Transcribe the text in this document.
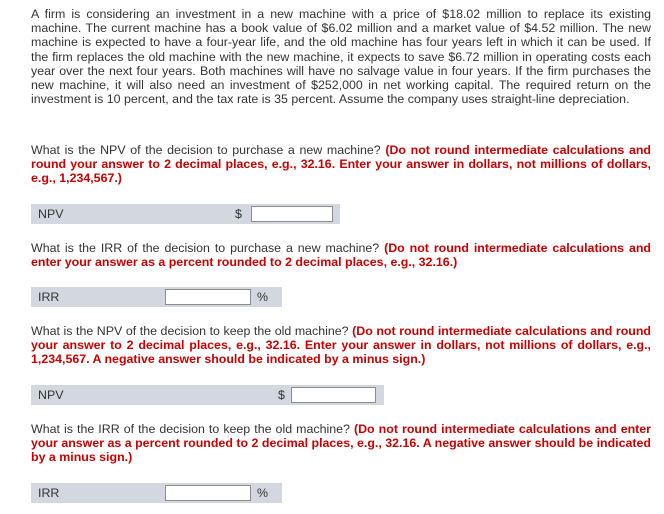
A firm is considering an investment in a new machine with a price of $18.02 million to replace its existing machine. The current machine has a book value of $6.02 million and a market value of $4.52 million. The new machine is expected to have a four-year life, and the old machine has four years left in which it can be used. If the firm replaces the old machine with the new machine, it expects to save $6.72 million in operating costs each year over the next four years. Both machines will have no salvage value in four years. If the firm purchases the new machine, it will also need an investment of $252,000 in net working capital. The required return on the investment is 10 percent, and the tax rate is 35 percent. Assume the company uses straight-line depreciation.

What is the NPV of the decision to purchase a new machine? (Do not round intermediate calculations and round your answer to 2 decimal places, e.g., 32.16. Enter your answer in dollars, not millions of dollars, e.g., 1,234,567.)

NPV	$

What is the IRR of the decision to purchase a new machine? (Do not round intermediate calculations and enter your answer as a percent rounded to 2 decimal places, e.g., 32.16.)

IRR	%

What is the NPV of the decision to keep the old machine? (Do not round intermediate calculations and round your answer to 2 decimal places, e.g., 32.16. Enter your answer in dollars, not millions of dollars, e.g., 1,234,567. A negative answer should be indicated by a minus sign.)

NPV	$

What is the IRR of the decision to keep the old machine? (Do not round intermediate calculations and enter your answer as a percent rounded to 2 decimal places, e.g., 32.16. A negative answer should be indicated by a minus sign.)

IRR	%
